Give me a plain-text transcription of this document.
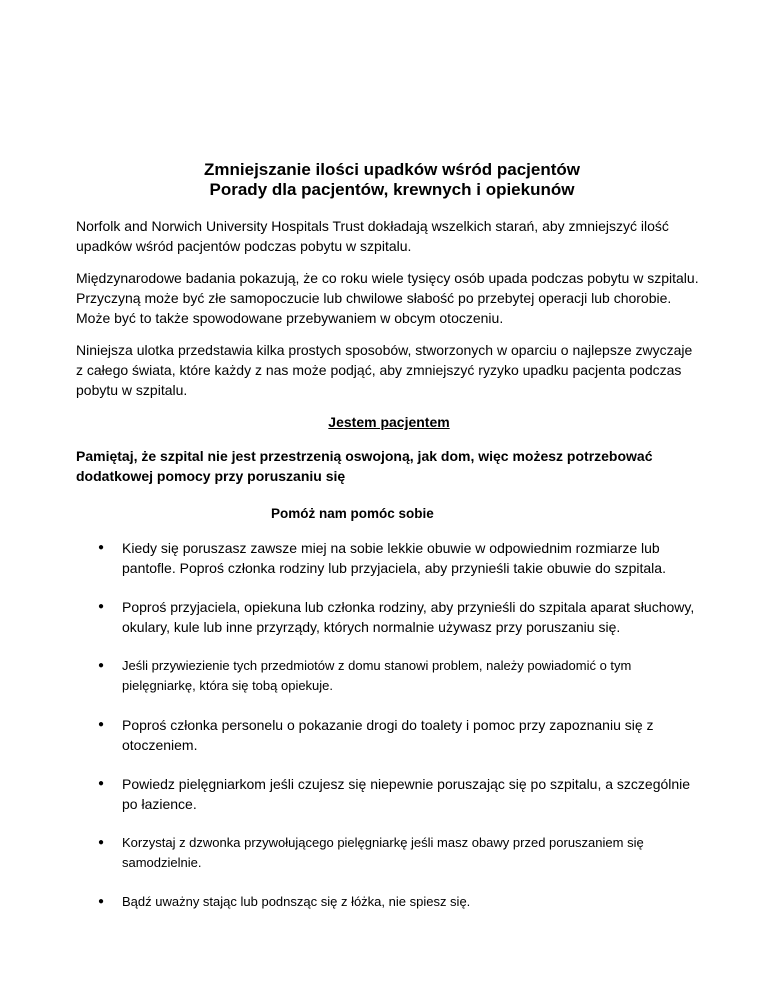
Zmniejszanie ilości upadków wśród pacjentów
Porady dla pacjentów, krewnych i opiekunów

Norfolk and Norwich University Hospitals Trust dokładają wszelkich starań, aby zmniejszyć ilość upadków wśród pacjentów podczas pobytu w szpitalu.

Międzynarodowe badania pokazują, że co roku wiele tysięcy osób upada podczas pobytu w szpitalu. Przyczyną może być złe samopoczucie lub chwilowe słabość po przebytej operacji lub chorobie. Może być to także spowodowane przebywaniem w obcym otoczeniu.

Niniejsza ulotka przedstawia kilka prostych sposobów, stworzonych w oparciu o najlepsze zwyczaje z całego świata, które każdy z nas może podjąć, aby zmniejszyć ryzyko upadku pacjenta podczas pobytu w szpitalu.

Jestem pacjentem

Pamiętaj, że szpital nie jest przestrzenią oswojoną, jak dom, więc możesz potrzebować dodatkowej pomocy przy poruszaniu się

Pomóż nam pomóc sobie
● Kiedy się poruszasz zawsze miej na sobie lekkie obuwie w odpowiednim rozmiarze lub pantofle. Poproś członka rodziny lub przyjaciela, aby przynieśli takie obuwie do szpitala.
● Poproś przyjaciela, opiekuna lub członka rodziny, aby przynieśli do szpitala aparat słuchowy, okulary, kule lub inne przyrządy, których normalnie używasz przy poruszaniu się.
● Jeśli przywiezienie tych przedmiotów z domu stanowi problem, należy powiadomić o tym pielęgniarkę, która się tobą opiekuje.
● Poproś członka personelu o pokazanie drogi do toalety i pomoc przy zapoznaniu się z otoczeniem.
● Powiedz pielęgniarkom jeśli czujesz się niepewnie poruszając się po szpitalu, a szczególnie po łazience.
● Korzystaj z dzwonka przywołującego pielęgniarkę jeśli masz obawy przed poruszaniem się samodzielnie.
● Bądź uważny stając lub podnsząc się z łóżka, nie spiesz się.
